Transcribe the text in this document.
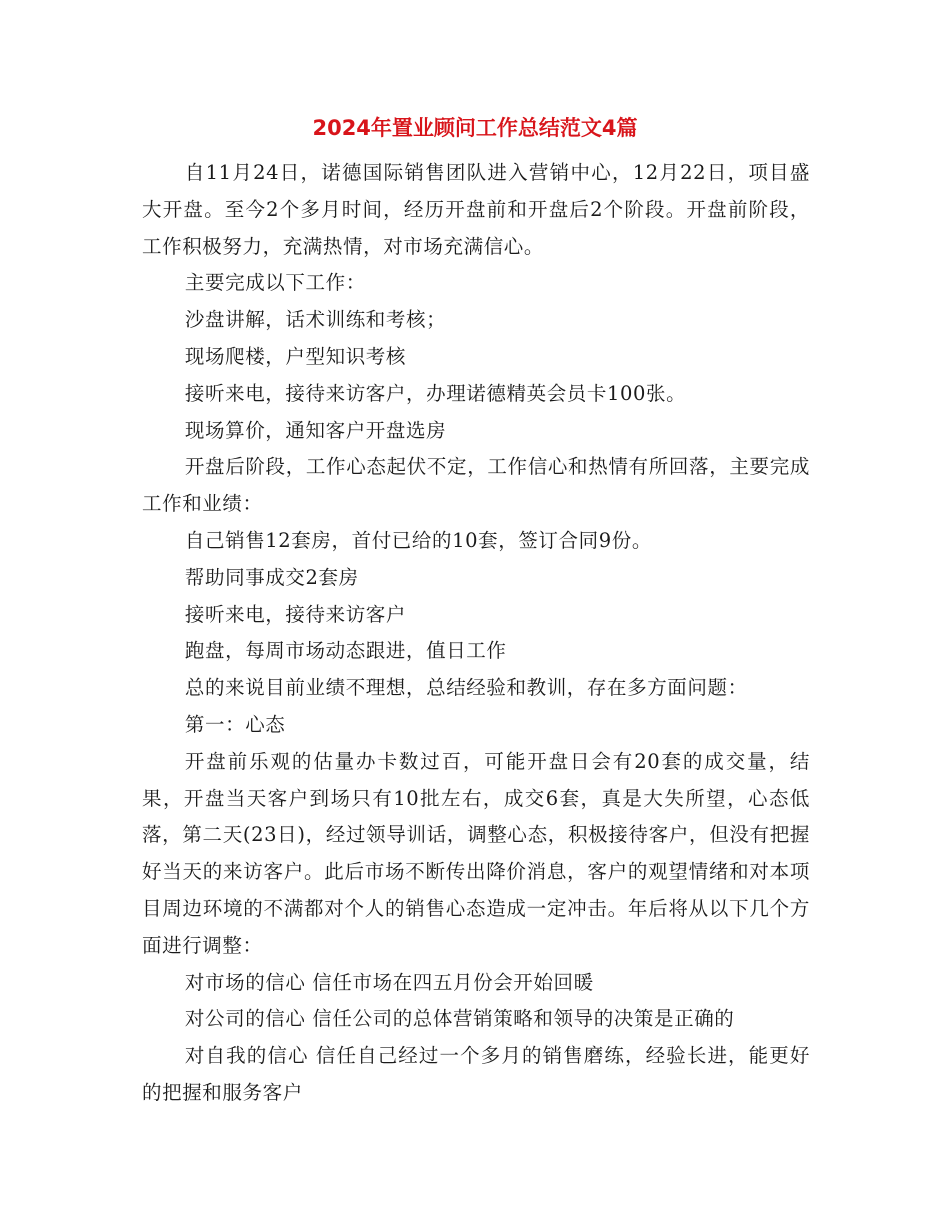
2024年置业顾问工作总结范文4篇

自11月24日，诺德国际销售团队进入营销中心，12月22日，项目盛大开盘。至今2个多月时间，经历开盘前和开盘后2个阶段。开盘前阶段，工作积极努力，充满热情，对市场充满信心。

主要完成以下工作：

沙盘讲解，话术训练和考核；

现场爬楼，户型知识考核

接听来电，接待来访客户，办理诺德精英会员卡100张。

现场算价，通知客户开盘选房

开盘后阶段，工作心态起伏不定，工作信心和热情有所回落，主要完成工作和业绩：

自己销售12套房，首付已给的10套，签订合同9份。

帮助同事成交2套房

接听来电，接待来访客户

跑盘，每周市场动态跟进，值日工作

总的来说目前业绩不理想，总结经验和教训，存在多方面问题：

第一：心态

开盘前乐观的估量办卡数过百，可能开盘日会有20套的成交量，结果，开盘当天客户到场只有10批左右，成交6套，真是大失所望，心态低落，第二天(23日)，经过领导训话，调整心态，积极接待客户，但没有把握好当天的来访客户。此后市场不断传出降价消息，客户的观望情绪和对本项目周边环境的不满都对个人的销售心态造成一定冲击。年后将从以下几个方面进行调整：

对市场的信心 信任市场在四五月份会开始回暖

对公司的信心 信任公司的总体营销策略和领导的决策是正确的

对自我的信心 信任自己经过一个多月的销售磨练，经验长进，能更好的把握和服务客户
